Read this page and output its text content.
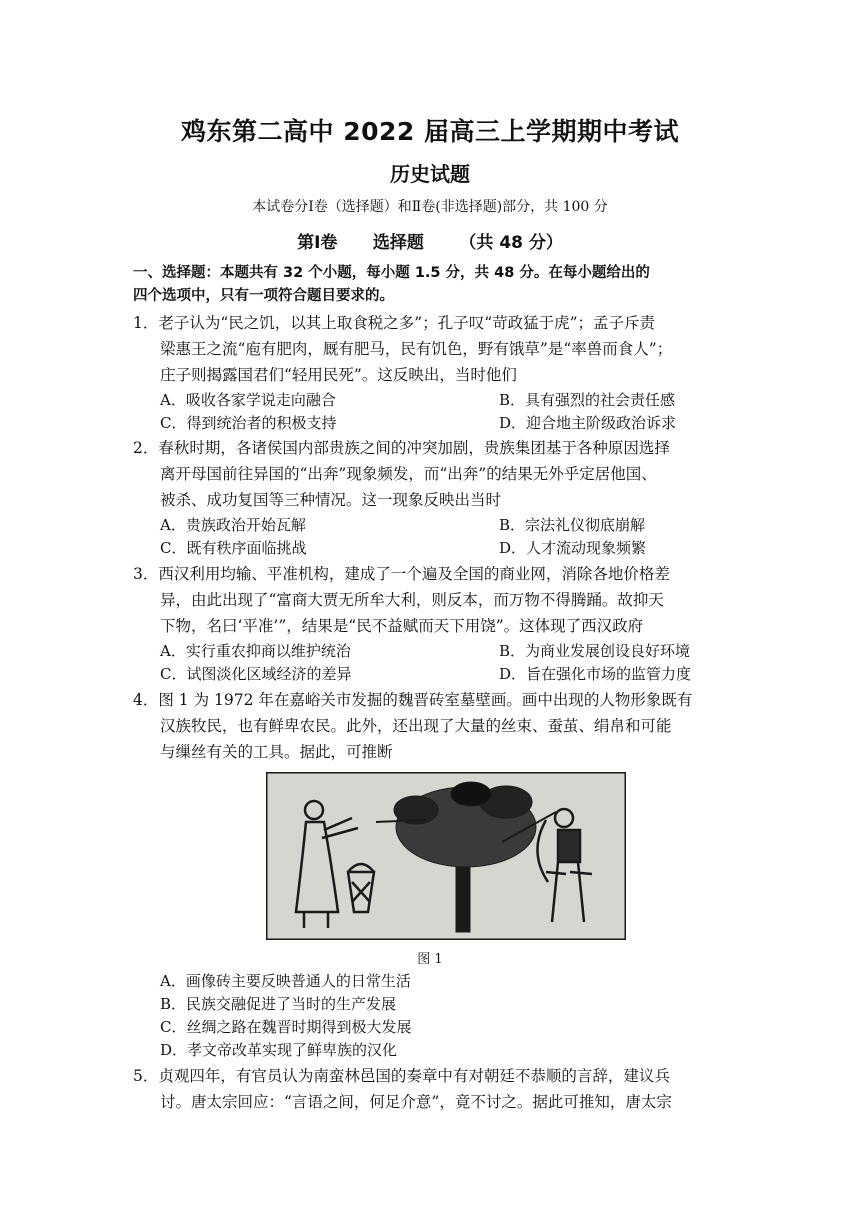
鸡东第二高中 2022 届高三上学期期中考试
历史试题
本试卷分Ⅰ卷（选择题）和Ⅱ卷(非选择题)部分，共 100 分
第Ⅰ卷      选择题      （共 48 分）
一、选择题：本题共有 32 个小题，每小题 1.5 分，共 48 分。在每小题给出的
四个选项中，只有一项符合题目要求的。
1．老子认为“民之饥，以其上取食税之多”；孔子叹“苛政猛于虎”；孟子斥责
梁惠王之流“庖有肥肉，厩有肥马，民有饥色，野有饿草”是“率兽而食人”；
庄子则揭露国君们“轻用民死”。这反映出，当时他们
A．吸收各家学说走向融合	B．具有强烈的社会责任感
C．得到统治者的积极支持	D．迎合地主阶级政治诉求
2．春秋时期，各诸侯国内部贵族之间的冲突加剧，贵族集团基于各种原因选择
离开母国前往异国的“出奔”现象频发，而“出奔”的结果无外乎定居他国、
被杀、成功复国等三种情况。这一现象反映出当时
A．贵族政治开始瓦解	B．宗法礼仪彻底崩解
C．既有秩序面临挑战	D．人才流动现象频繁
3．西汉利用均输、平准机构，建成了一个遍及全国的商业网，消除各地价格差
异，由此出现了“富商大贾无所牟大利，则反本，而万物不得腾踊。故抑天
下物，名曰‘平准’”，结果是“民不益赋而天下用饶”。这体现了西汉政府
A．实行重农抑商以维护统治	B．为商业发展创设良好环境
C．试图淡化区域经济的差异	D．旨在强化市场的监管力度
4．图 1 为 1972 年在嘉峪关市发掘的魏晋砖室墓壁画。画中出现的人物形象既有
汉族牧民，也有鲜卑农民。此外，还出现了大量的丝束、蚕茧、绢帛和可能
与缫丝有关的工具。据此，可推断
图 1
A．画像砖主要反映普通人的日常生活
B．民族交融促进了当时的生产发展
C．丝绸之路在魏晋时期得到极大发展
D．孝文帝改革实现了鲜卑族的汉化
5．贞观四年，有官员认为南蛮林邑国的奏章中有对朝廷不恭顺的言辞，建议兵
讨。唐太宗回应：“言语之间，何足介意”，竟不讨之。据此可推知，唐太宗
